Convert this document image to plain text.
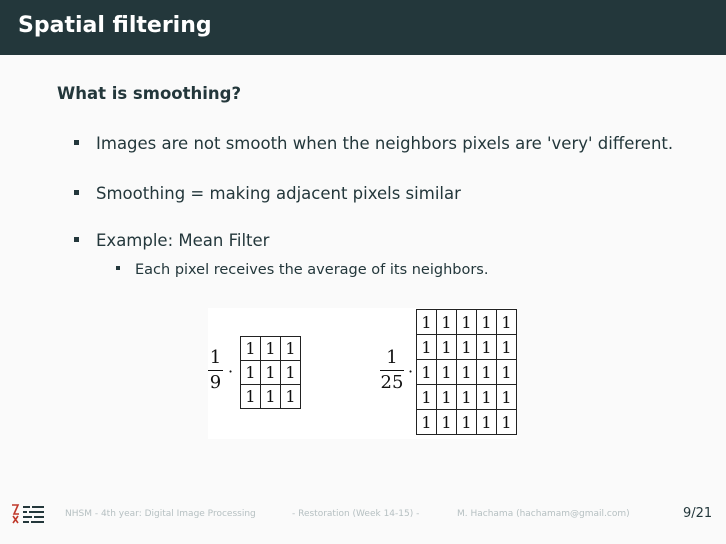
Spatial filtering
What is smoothing?
Images are not smooth when the neighbors pixels are 'very' different.
Smoothing = making adjacent pixels similar
Example: Mean Filter
Each pixel receives the average of its neighbors.
1
9
·
1	1	1
1	1	1
1	1	1
1
25
·
1	1	1	1	1
1	1	1	1	1
1	1	1	1	1
1	1	1	1	1
1	1	1	1	1
NHSM - 4th year: Digital Image Processing	- Restoration (Week 14-15) -	M. Hachama (hachamam@gmail.com)	9/21
